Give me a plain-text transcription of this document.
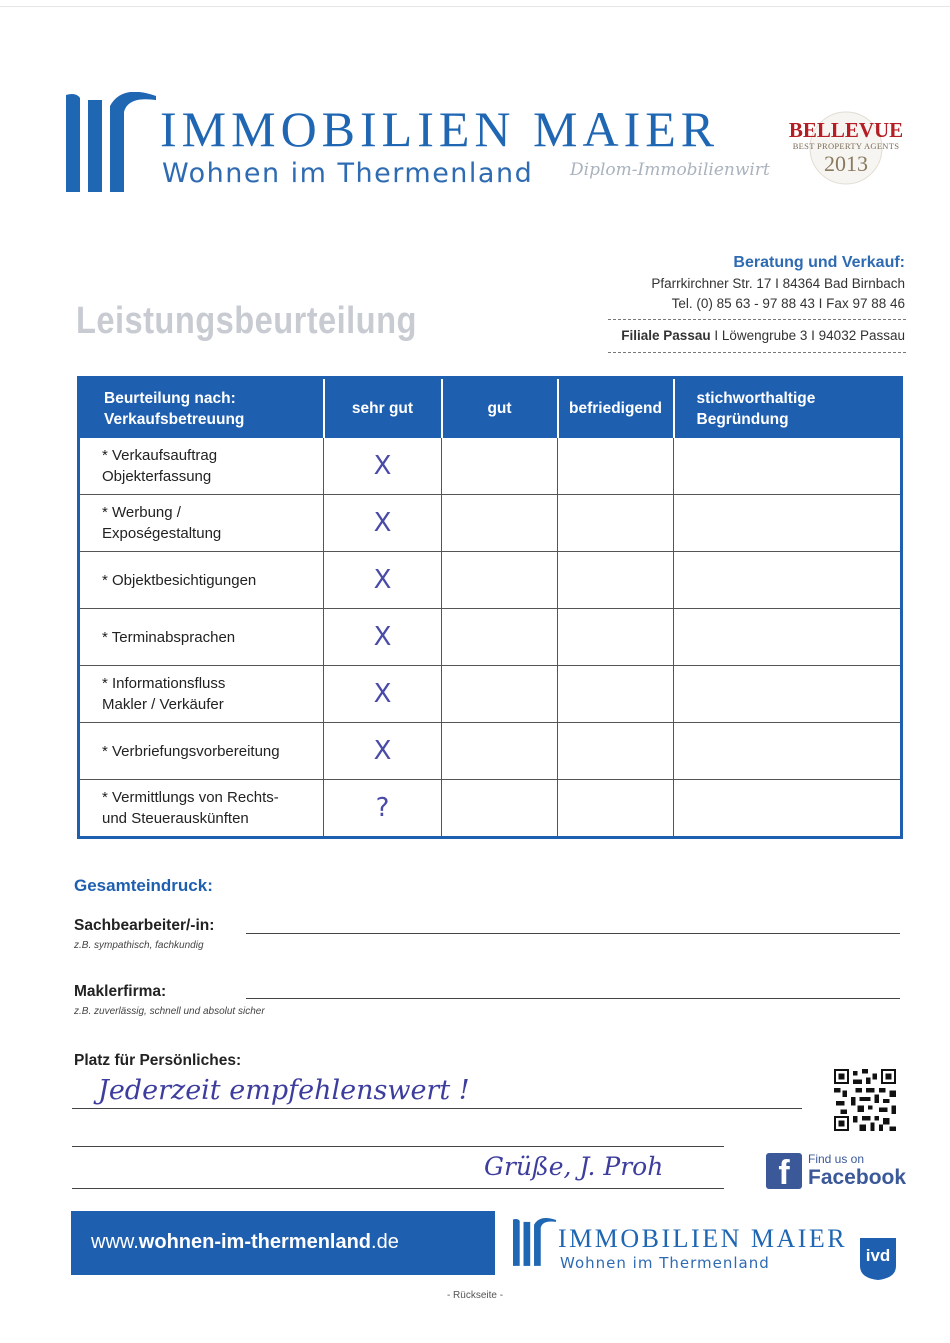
IMMOBILIEN MAIER
Wohnen im Thermenland Diplom-Immobilienwirt
BELLEVUE
BEST PROPERTY AGENTS
2013
Beratung und Verkauf:
Pfarrkirchner Str. 17 I 84364 Bad Birnbach
Tel. (0) 85 63 - 97 88 43 I Fax 97 88 46
Filiale Passau I Löwengrube 3 I 94032 Passau
Leistungsbeurteilung
Beurteilung nach:
Verkaufsbetreuung	sehr gut	gut	befriedigend	stichworthaltige
Begründung
* Verkaufsauftrag
Objekterfassung	X			
* Werbung /
Exposégestaltung	X			
* Objektbesichtigungen	X			
* Terminabsprachen	X			
* Informationsfluss
Makler / Verkäufer	X			
* Verbriefungsvorbereitung	X			
* Vermittlungs von Rechts-
und Steuerauskünften	?			
Gesamteindruck:
Sachbearbeiter/-in:
z.B. sympathisch, fachkundig
Maklerfirma:
z.B. zuverlässig, schnell und absolut sicher
Platz für Persönliches:
Jederzeit empfehlenswert !
Grüße, J. Proh	f	Find us on
Facebook
www.wohnen-im-thermenland.de	IMMOBILIEN MAIER
Wohnen im Thermenland	ivd
- Rückseite -
